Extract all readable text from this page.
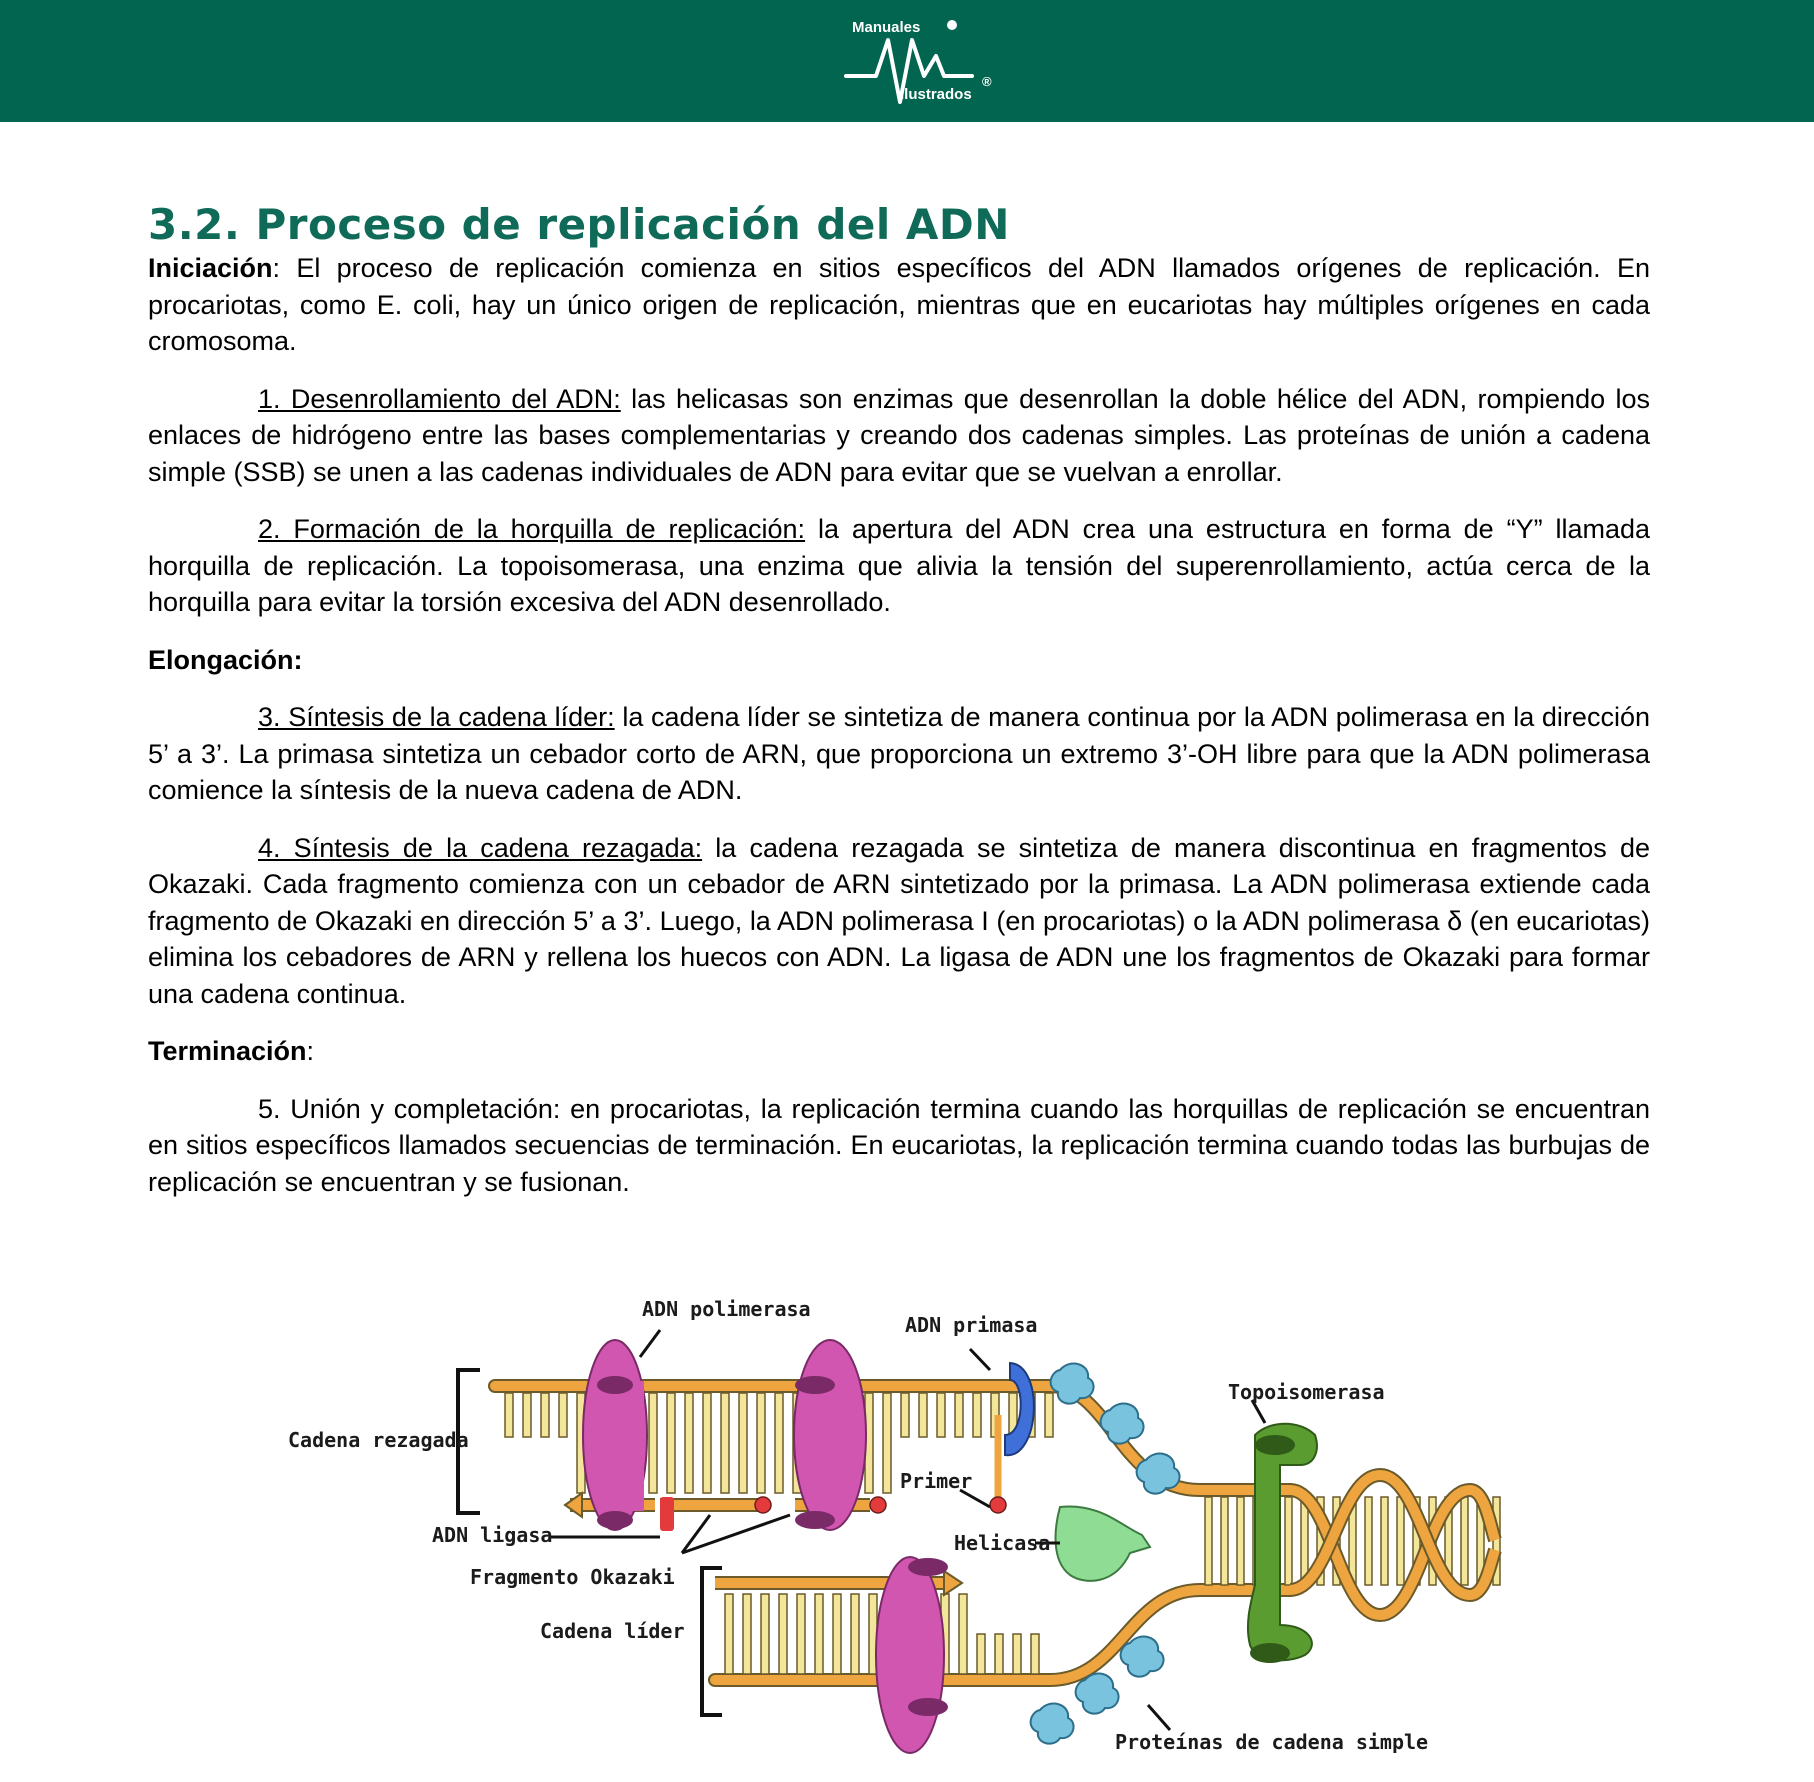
Manuales
Ilustrados
®
3.2. Proceso de replicación del ADN

Iniciación: El proceso de replicación comienza en sitios específicos del ADN llamados orígenes de replicación. En procariotas, como E. coli, hay un único origen de replicación, mientras que en eucariotas hay múltiples orígenes en cada cromosoma.

1. Desenrollamiento del ADN: las helicasas son enzimas que desenrollan la doble hélice del ADN, rompiendo los enlaces de hidrógeno entre las bases complementarias y creando dos cadenas simples. Las proteínas de unión a cadena simple (SSB) se unen a las cadenas individuales de ADN para evitar que se vuelvan a enrollar.

2. Formación de la horquilla de replicación: la apertura del ADN crea una estructura en forma de “Y” llamada horquilla de replicación. La topoisomerasa, una enzima que alivia la tensión del superenrollamiento, actúa cerca de la horquilla para evitar la torsión excesiva del ADN desenrollado.

Elongación:

3. Síntesis de la cadena líder: la cadena líder se sintetiza de manera continua por la ADN polimerasa en la dirección 5’ a 3’. La primasa sintetiza un cebador corto de ARN, que proporciona un extremo 3’-OH libre para que la ADN polimerasa comience la síntesis de la nueva cadena de ADN.

4. Síntesis de la cadena rezagada: la cadena rezagada se sintetiza de manera discontinua en fragmentos de Okazaki. Cada fragmento comienza con un cebador de ARN sintetizado por la primasa. La ADN polimerasa extiende cada fragmento de Okazaki en dirección 5’ a 3’. Luego, la ADN polimerasa I (en procariotas) o la ADN polimerasa δ (en eucariotas) elimina los cebadores de ARN y rellena los huecos con ADN. La ligasa de ADN une los fragmentos de Okazaki para formar una cadena continua.

Terminación:

5. Unión y completación: en procariotas, la replicación termina cuando las horquillas de replicación se encuentran en sitios específicos llamados secuencias de terminación. En eucariotas, la replicación termina cuando todas las burbujas de replicación se encuentran y se fusionan.

ADN polimerasa
ADN primasa
Topoisomerasa
Cadena rezagada
Primer
ADN ligasa	Helicasa
Fragmento Okazaki
Cadena líder
Proteínas de cadena simple
